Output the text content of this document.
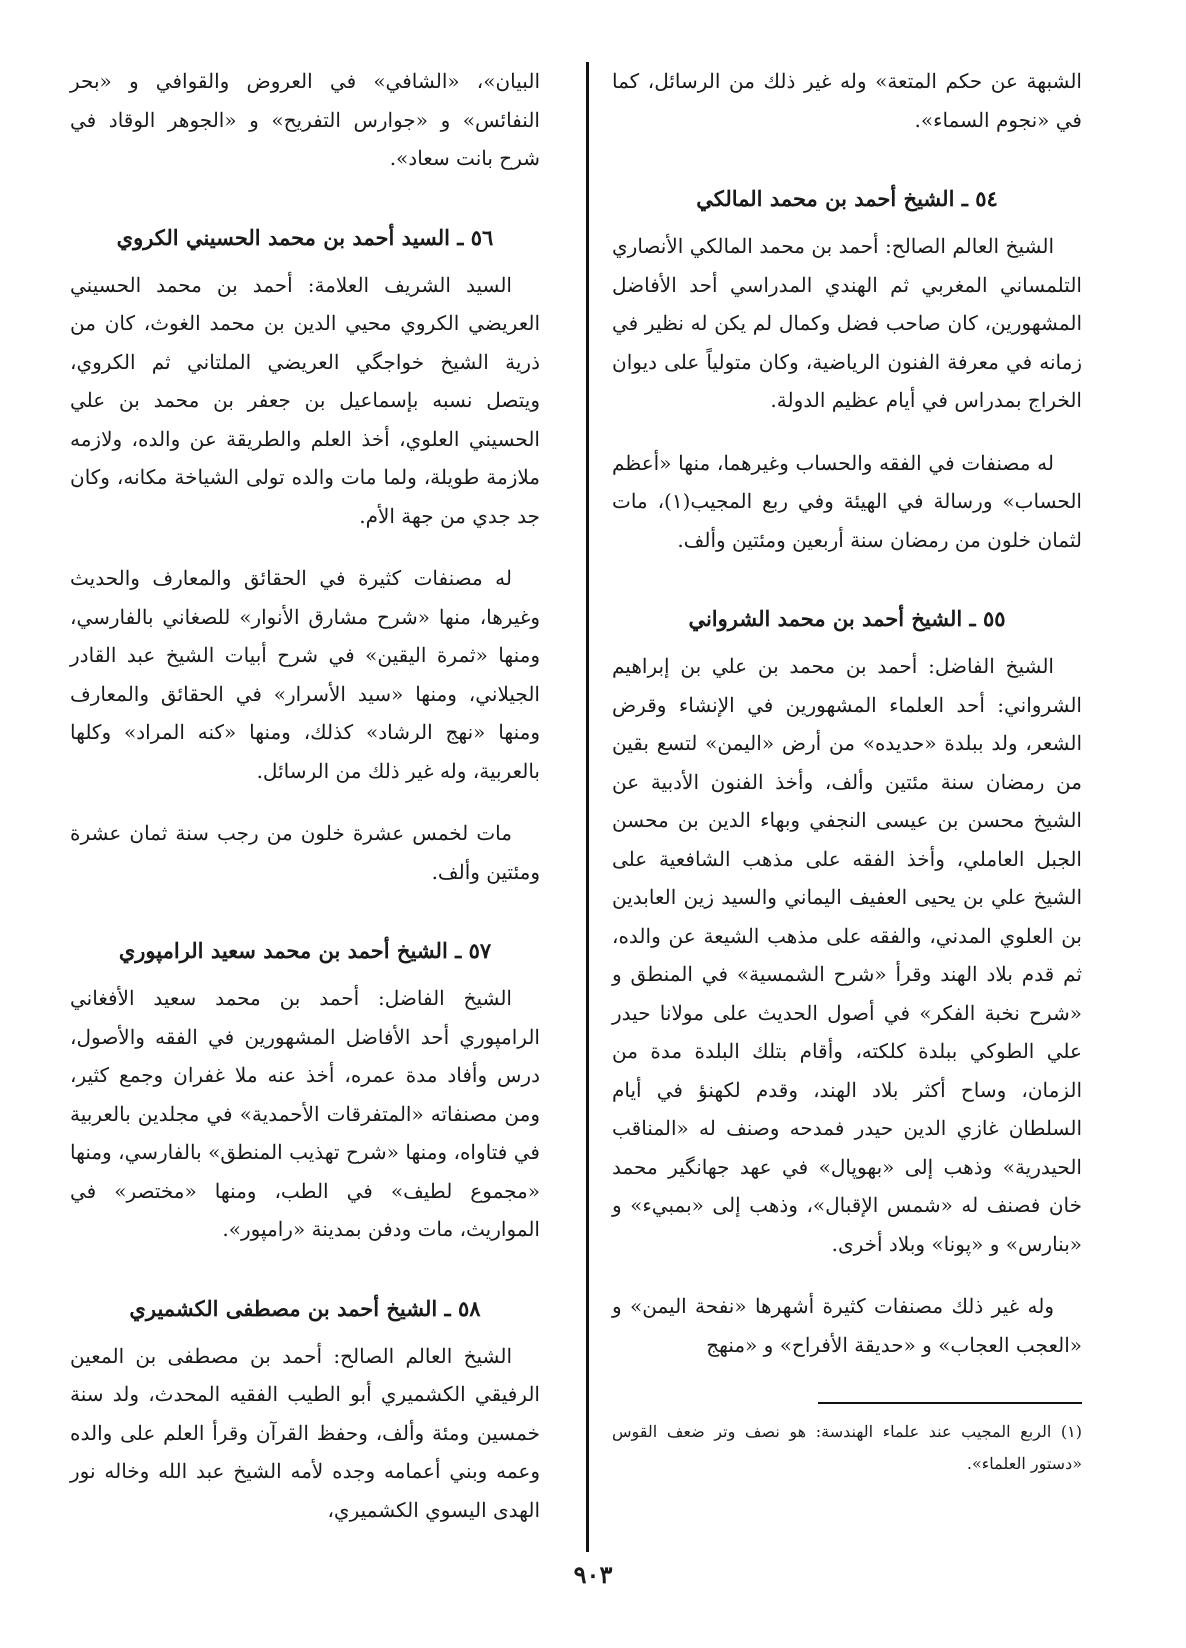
الشبهة عن حكم المتعة» وله غير ذلك من الرسائل، كما في «نجوم السماء».

٥٤ ـ الشيخ أحمد بن محمد المالكي

الشيخ العالم الصالح: أحمد بن محمد المالكي الأنصاري التلمساني المغربي ثم الهندي المدراسي أحد الأفاضل المشهورين، كان صاحب فضل وكمال لم يكن له نظير في زمانه في معرفة الفنون الرياضية، وكان متولياً على ديوان الخراج بمدراس في أيام عظيم الدولة.

له مصنفات في الفقه والحساب وغيرهما، منها «أعظم الحساب» ورسالة في الهيئة وفي ربع المجيب(١)، مات لثمان خلون من رمضان سنة أربعين ومئتين وألف.

٥٥ ـ الشيخ أحمد بن محمد الشرواني

الشيخ الفاضل: أحمد بن محمد بن علي بن إبراهيم الشرواني: أحد العلماء المشهورين في الإنشاء وقرض الشعر، ولد ببلدة «حديده» من أرض «اليمن» لتسع بقين من رمضان سنة مئتين وألف، وأخذ الفنون الأدبية عن الشيخ محسن بن عيسى النجفي وبهاء الدين بن محسن الجبل العاملي، وأخذ الفقه على مذهب الشافعية على الشيخ علي بن يحيى العفيف اليماني والسيد زين العابدين بن العلوي المدني، والفقه على مذهب الشيعة عن والده، ثم قدم بلاد الهند وقرأ «شرح الشمسية» في المنطق و «شرح نخبة الفكر» في أصول الحديث على مولانا حيدر علي الطوكي ببلدة كلكته، وأقام بتلك البلدة مدة من الزمان، وساح أكثر بلاد الهند، وقدم لكهنؤ في أيام السلطان غازي الدين حيدر فمدحه وصنف له «المناقب الحيدرية» وذهب إلى «بهوپال» في عهد جهانگير محمد خان فصنف له «شمس الإقبال»، وذهب إلى «بمبيء» و «بنارس» و «پونا» وبلاد أخرى.

وله غير ذلك مصنفات كثيرة أشهرها «نفحة اليمن» و «العجب العجاب» و «حديقة الأفراح» و «منهج

البيان»، «الشافي» في العروض والقوافي و «بحر النفائس» و «جوارس التفريح» و «الجوهر الوقاد في شرح بانت سعاد».

٥٦ ـ السيد أحمد بن محمد الحسيني الكروي

السيد الشريف العلامة: أحمد بن محمد الحسيني العريضي الكروي محيي الدين بن محمد الغوث، كان من ذرية الشيخ خواجگي العريضي الملتاني ثم الكروي، ويتصل نسبه بإسماعيل بن جعفر بن محمد بن علي الحسيني العلوي، أخذ العلم والطريقة عن والده، ولازمه ملازمة طويلة، ولما مات والده تولى الشياخة مكانه، وكان جد جدي من جهة الأم.

له مصنفات كثيرة في الحقائق والمعارف والحديث وغيرها، منها «شرح مشارق الأنوار» للصغاني بالفارسي، ومنها «ثمرة اليقين» في شرح أبيات الشيخ عبد القادر الجيلاني، ومنها «سيد الأسرار» في الحقائق والمعارف ومنها «نهج الرشاد» كذلك، ومنها «كنه المراد» وكلها بالعربية، وله غير ذلك من الرسائل.

مات لخمس عشرة خلون من رجب سنة ثمان عشرة ومئتين وألف.

٥٧ ـ الشيخ أحمد بن محمد سعيد الرامپوري

الشيخ الفاضل: أحمد بن محمد سعيد الأفغاني الرامپوري أحد الأفاضل المشهورين في الفقه والأصول، درس وأفاد مدة عمره، أخذ عنه ملا غفران وجمع كثير، ومن مصنفاته «المتفرقات الأحمدية» في مجلدين بالعربية في فتاواه، ومنها «شرح تهذيب المنطق» بالفارسي، ومنها «مجموع لطيف» في الطب، ومنها «مختصر» في المواريث، مات ودفن بمدينة «رامپور».

٥٨ ـ الشيخ أحمد بن مصطفى الكشميري

الشيخ العالم الصالح: أحمد بن مصطفى بن المعين الرفيقي الكشميري أبو الطيب الفقيه المحدث، ولد سنة خمسين ومئة وألف، وحفظ القرآن وقرأ العلم على والده وعمه وبني أعمامه وجده لأمه الشيخ عبد الله وخاله نور الهدى اليسوي الكشميري،

(١) الربع المجيب عند علماء الهندسة: هو نصف وتر ضعف القوس «دستور العلماء».
٩٠٣
